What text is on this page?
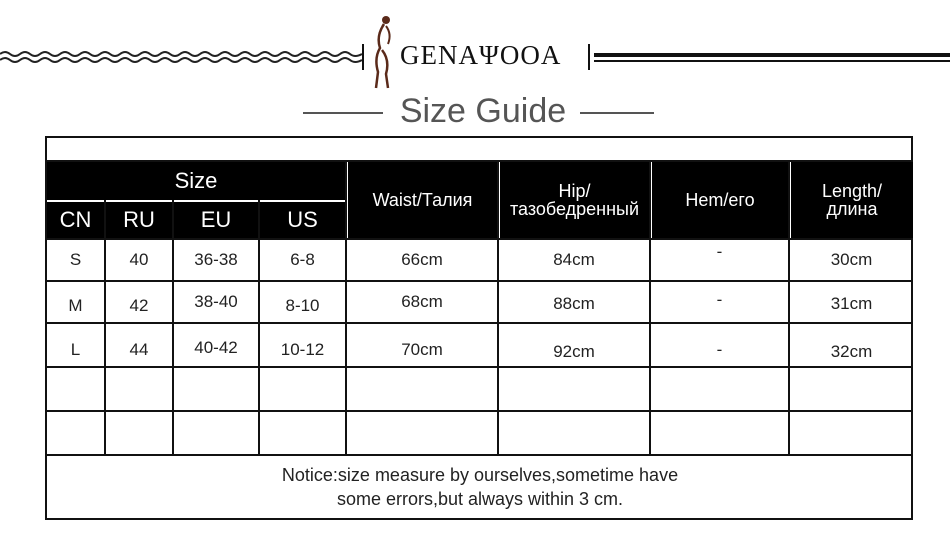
GENAΨOOA
Size Guide
Size
CN	RU	EU	US
Waist/Талия	Hip/
тазобедренный	Hem/его	Length/
длина
S	40	36-38	6-8	66cm	84cm	-	30cm
M	42	38-40	8-10	68cm	88cm	-	31cm
L	44	40-42	10-12	70cm	92cm	-	32cm
Notice:size measure by ourselves,sometime have
some errors,but always within 3 cm.
